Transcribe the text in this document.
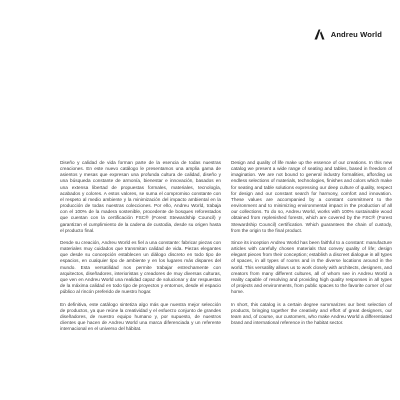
Andreu World

Diseño y calidad de vida forman parte de la esencia de todas nuestras creaciones. En este nuevo catálogo le presentamos una amplia gama de asientos y mesas que expresan una profunda cultura de calidad, diseño y una búsqueda constante de armonía, bienestar e innovación, basados en una extensa libertad de propuestas formales, materiales, tecnología, acabados y colores. A estos valores, se suma el compromiso constante con el respeto al medio ambiente y la minimización del impacto ambiental en la producción de todas nuestras colecciones. Por ello, Andreu World, trabaja con el 100% de la madera sostenible, procedente de bosques reforestados que cuentan con la certificación FSC® (Forest Stewardship Council) y garantizan el cumplimiento de la cadena de custodia, desde su origen hasta el producto final.

Desde su creación, Andreu World es fiel a una constante: fabricar piezas con materiales muy cuidados que transmitan calidad de vida. Piezas elegantes que desde su concepción establecen un diálogo discreto en todo tipo de espacios, en cualquier tipo de ambiente y en los lugares más dispares del mundo. Esta versatilidad nos permite trabajar estrechamente con arquitectos, diseñadores, interioristas y creadores de muy diversas culturas, que ven en Andreu World una realidad capaz de solucionar y dar respuestas de la máxima calidad en todo tipo de proyectos y entornos, desde el espacio público al rincón preferido de nuestro hogar.

En definitiva, este catálogo sintetiza algo más que nuestra mejor selección de productos, ya que reúne la creatividad y el esfuerzo conjunto de grandes diseñadores, de nuestro equipo humano y, por supuesto, de nuestros clientes que hacen de Andreu World una marca diferenciada y un referente internacional en el universo del hábitat.

Design and quality of life make up the essence of our creations. In this new catalog we present a wide range of seating and tables, based in freedom of imagination. We are not bound to general industry formalities, affording us endless selections of materials, technologies, finishes and colors which make for seating and table solutions expressing our deep culture of quality, respect for design and our constant search for harmony, comfort and innovation. These values are accompanied by a constant commitment to the environment and to minimizing environmental impact in the production of all our collections. To do so, Andreu World, works with 100% sustainable wood obtained from replenished forests, which are covered by the FSC® (Forest Stewardship Council) certification. Which guarantees the chain of custody, from the origin to the final product.

Since its inception Andreu World has been faithful to a constant: manufacture articles with carefully chosen materials that convey quality of life; design elegant pieces from their conception; establish a discreet dialogue in all types of spaces, in all types of rooms and in the diverse locations around in the world. This versatility allows us to work closely with architects, designers, and creators from many different cultures, all of whom see in Andreu World a reality capable of resolving and providing high quality responses in all types of projects and environments, from public spaces to the favorite corner of our home.

In short, this catalog is a certain degree summarizes our best selection of products, bringing together the creativity and effort of great designers, our team and, of course, our customers, who make Andreu World a differentiated brand and international reference in the habitat sector.
